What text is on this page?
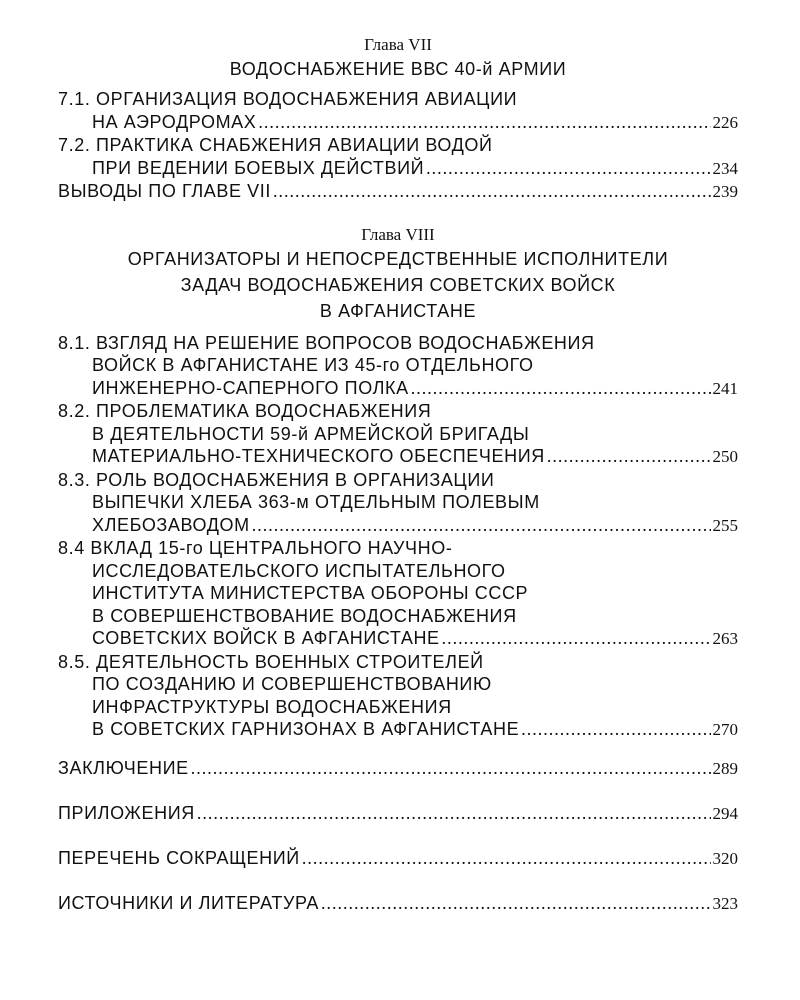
Глава VII

ВОДОСНАБЖЕНИЕ ВВС 40-й АРМИИ
7.1. ОРГАНИЗАЦИЯ ВОДОСНАБЖЕНИЯ АВИАЦИИ
НА АЭРОДРОМАХ .....	226
7.2. ПРАКТИКА СНАБЖЕНИЯ АВИАЦИИ ВОДОЙ
ПРИ ВЕДЕНИИ БОЕВЫХ ДЕЙСТВИЙ .....	234
ВЫВОДЫ ПО ГЛАВЕ VII .....	239

Глава VIII

ОРГАНИЗАТОРЫ И НЕПОСРЕДСТВЕННЫЕ ИСПОЛНИТЕЛИ
ЗАДАЧ ВОДОСНАБЖЕНИЯ СОВЕТСКИХ ВОЙСК
В АФГАНИСТАНЕ
8.1. ВЗГЛЯД НА РЕШЕНИЕ ВОПРОСОВ ВОДОСНАБЖЕНИЯ
ВОЙСК В АФГАНИСТАНЕ ИЗ 45-го ОТДЕЛЬНОГО
ИНЖЕНЕРНО-САПЕРНОГО ПОЛКА .....	241
8.2. ПРОБЛЕМАТИКА ВОДОСНАБЖЕНИЯ
В ДЕЯТЕЛЬНОСТИ 59-й АРМЕЙСКОЙ БРИГАДЫ
МАТЕРИАЛЬНО-ТЕХНИЧЕСКОГО ОБЕСПЕЧЕНИЯ .....	250
8.3. РОЛЬ ВОДОСНАБЖЕНИЯ В ОРГАНИЗАЦИИ
ВЫПЕЧКИ ХЛЕБА 363-м ОТДЕЛЬНЫМ ПОЛЕВЫМ
ХЛЕБОЗАВОДОМ .....	255
8.4 ВКЛАД 15-го ЦЕНТРАЛЬНОГО НАУЧНО-
ИССЛЕДОВАТЕЛЬСКОГО ИСПЫТАТЕЛЬНОГО
ИНСТИТУТА МИНИСТЕРСТВА ОБОРОНЫ СССР
В СОВЕРШЕНСТВОВАНИЕ ВОДОСНАБЖЕНИЯ
СОВЕТСКИХ ВОЙСК В АФГАНИСТАНЕ .....	263
8.5. ДЕЯТЕЛЬНОСТЬ ВОЕННЫХ СТРОИТЕЛЕЙ
ПО СОЗДАНИЮ И СОВЕРШЕНСТВОВАНИЮ
ИНФРАСТРУКТУРЫ ВОДОСНАБЖЕНИЯ
В СОВЕТСКИХ ГАРНИЗОНАХ В АФГАНИСТАНЕ .....	270
ЗАКЛЮЧЕНИЕ .....	289
ПРИЛОЖЕНИЯ .....	294
ПЕРЕЧЕНЬ СОКРАЩЕНИЙ .....	320
ИСТОЧНИКИ И ЛИТЕРАТУРА .....	323
